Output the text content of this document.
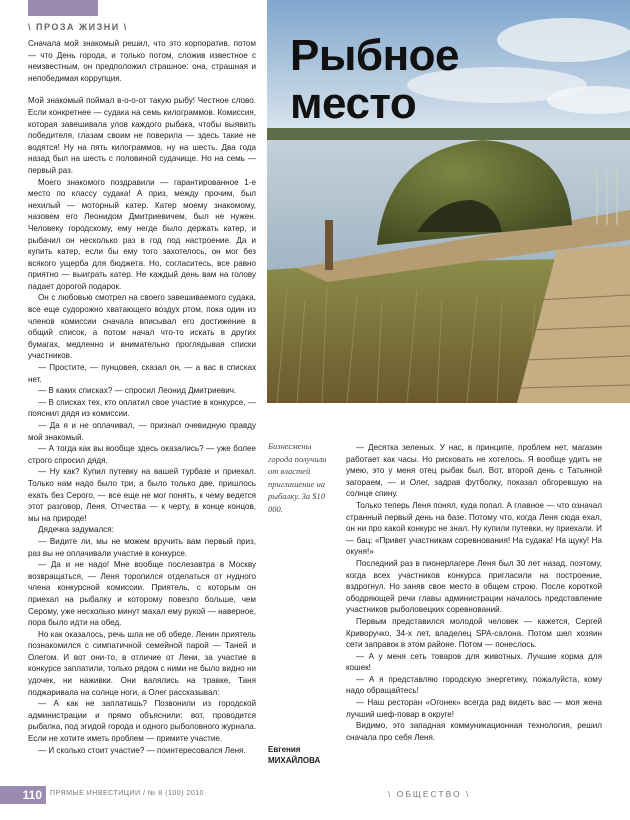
\ ПРОЗА ЖИЗНИ \

Сначала мой знакомый решил, что это корпоратив, потом — что День города, и только потом, сложив известное с неизвестным, он предположил страшное: она, страшная и непобедимая коррупция.

Мой знакомый поймал в-о-о-от такую рыбу! Честное слово. Если конкретнее — судака на семь килограммов. Комиссия, которая завешивала улов каждого рыбака, чтобы выявить победителя, глазам своим не поверила — здесь такие не водятся! Ну на пять килограммов, ну на шесть. Два года назад был на шесть с половиной судачище. Но на семь — первый раз.

Моего знакомого поздравили — гарантированное 1-е место по классу судака! А приз, между прочим, был нехилый — моторный катер. Катер моему знакомому, назовем его Леонидом Дмитриевичем, был не нужен. Человеку городскому, ему негде было держать катер, и рыбачил он несколько раз в год под настроение. Да и купить катер, если бы ему того захотелось, он мог без всякого ущерба для бюджета. Но, согласитесь, все равно приятно — выиграть катер. Не каждый день вам на голову падает дорогой подарок.

Он с любовью смотрел на своего завешиваемого судака, все еще судорожно хватающего воздух ртом, пока один из членов комиссии сначала вписывал его достижение в общий список, а потом начал что-то искать в других бумагах, медленно и внимательно проглядывая списки участников.

— Простите, — пунцовея, сказал он, — а вас в списках нет.

— В каких списках? — спросил Леонид Дмитриевич.

— В списках тех, кто оплатил свое участие в конкурсе, — пояснил дядя из комиссии.

— Да я и не оплачивал, — признал очевидную правду мой знакомый.

— А тогда как вы вообще здесь оказались? — уже более строго спросил дядя.

— Ну как? Купил путевку на вашей турбазе и приехал. Только нам надо было три, а было только две, пришлось ехать без Серого, — все еще не мог понять, к чему ведется этот разговор, Леня. Отчества — к черту, в конце концов, мы на природе!

Дядечка задумался:

— Видите ли, мы не можем вручить вам первый приз, раз вы не оплачивали участие в конкурсе.

— Да и не надо! Мне вообще послезавтра в Москву возвращаться, — Леня торопился отделаться от нудного члена конкурсной комиссии. Приятель, с которым он приехал на рыбалку и которому повезло больше, чем Серому, уже несколько минут махал ему рукой — наверное, пора было идти на обед.

Но как оказалось, речь шла не об обеде. Ленин приятель познакомился с симпатичной семейной парой — Таней и Олегом. И вот они-то, в отличие от Лени, за участие в конкурсе заплатили, только рядом с ними не было видно ни удочек, ни наживки. Они валялись на травке, Таня поджаривала на солнце ноги, а Олег рассказывал:

— А как не заплатишь? Позвонили из городской администрации и прямо объяснили: вот, проводится рыбалка, под эгидой города и одного рыболовного журнала. Если не хотите иметь проблем — примите участие.

— И сколько стоит участие? — поинтересовался Леня.

Рыбное
место
Бизнесмены города получили от властей приглашение на рыбалку. За $10 000.

— Десятка зеленых. У нас, в принципе, проблем нет, магазин работает как часы. Но рисковать не хотелось. Я вообще удить не умею, это у меня отец рыбак был. Вот, второй день с Татьяной загораем, — и Олег, задрав футболку, показал обгоревшую на солнце спину.

Только теперь Леня понял, куда попал. А главное — что означал странный первый день на базе. Потому что, когда Леня сюда ехал, он ни про какой конкурс не знал. Ну купили путевки, ну приехали. И — бац: «Привет участникам соревнования! На судака! На щуку! На окуня!»

Последний раз в пионерлагере Леня был 30 лет назад, поэтому, когда всех участников конкурса пригласили на построение, вздрогнул. Но заняв свое место в общем строю. После короткой ободряющей речи главы администрации началось представление участников рыболовецких соревнований.

Первым представился молодой человек — кажется, Сергей Криворучко, 34-х лет, владелец SPA-салона. Потом шел хозяин сети заправок в этом районе. Потом — понеслось.

— А у меня сеть товаров для животных. Лучшие корма для кошек!

— А я представляю городскую энергетику, пожалуйста, кому надо обращайтесь!

— Наш ресторан «Огонек» всегда рад видеть вас — моя жена лучший шеф-повар в округе!

Видимо, это западная коммуникационная технология, решил сначала про себя Леня.

Евгения
МИХАЙЛОВА
110	ПРЯМЫЕ ИНВЕСТИЦИИ / № 8 (100) 2010	\ ОБЩЕСТВО \
